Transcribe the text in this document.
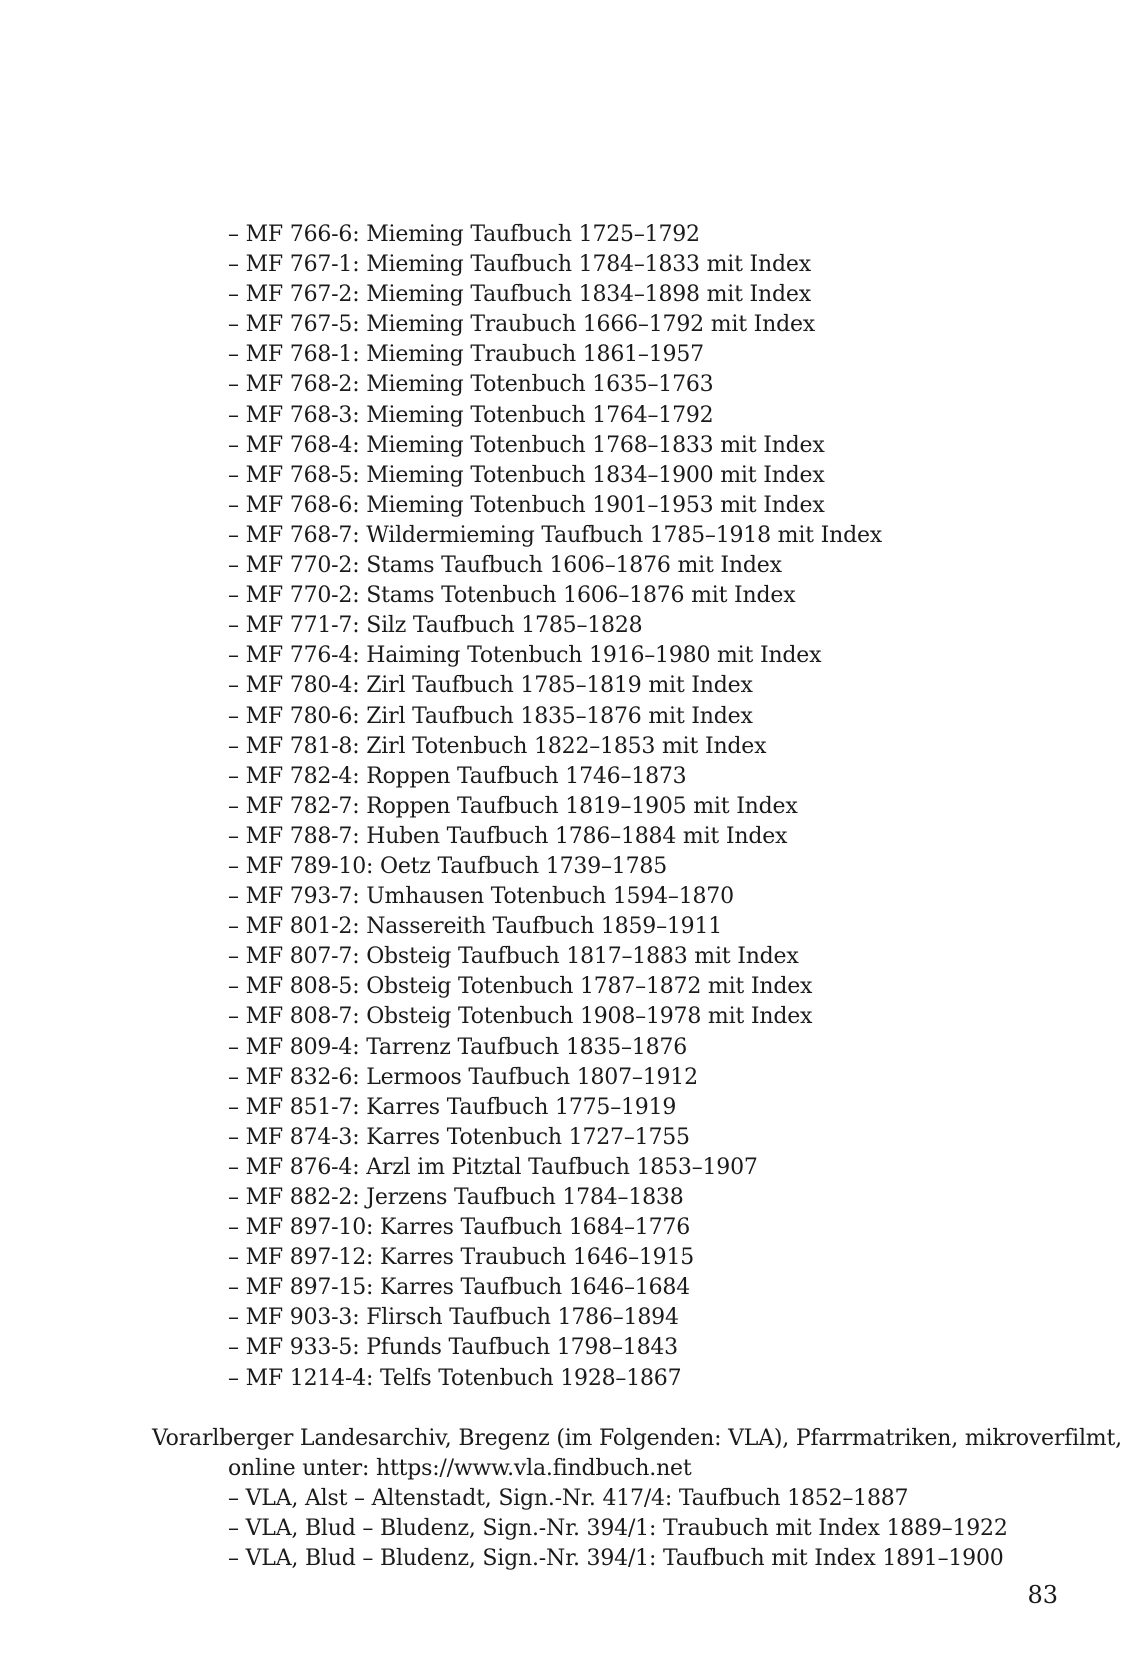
– MF 766-6: Mieming Taufbuch 1725–1792
– MF 767-1: Mieming Taufbuch 1784–1833 mit Index
– MF 767-2: Mieming Taufbuch 1834–1898 mit Index
– MF 767-5: Mieming Traubuch 1666–1792 mit Index
– MF 768-1: Mieming Traubuch 1861–1957
– MF 768-2: Mieming Totenbuch 1635–1763
– MF 768-3: Mieming Totenbuch 1764–1792
– MF 768-4: Mieming Totenbuch 1768–1833 mit Index
– MF 768-5: Mieming Totenbuch 1834–1900 mit Index
– MF 768-6: Mieming Totenbuch 1901–1953 mit Index
– MF 768-7: Wildermieming Taufbuch 1785–1918 mit Index
– MF 770-2: Stams Taufbuch 1606–1876 mit Index
– MF 770-2: Stams Totenbuch 1606–1876 mit Index
– MF 771-7: Silz Taufbuch 1785–1828
– MF 776-4: Haiming Totenbuch 1916–1980 mit Index
– MF 780-4: Zirl Taufbuch 1785–1819 mit Index
– MF 780-6: Zirl Taufbuch 1835–1876 mit Index
– MF 781-8: Zirl Totenbuch 1822–1853 mit Index
– MF 782-4: Roppen Taufbuch 1746–1873
– MF 782-7: Roppen Taufbuch 1819–1905 mit Index
– MF 788-7: Huben Taufbuch 1786–1884 mit Index
– MF 789-10: Oetz Taufbuch 1739–1785
– MF 793-7: Umhausen Totenbuch 1594–1870
– MF 801-2: Nassereith Taufbuch 1859–1911
– MF 807-7: Obsteig Taufbuch 1817–1883 mit Index
– MF 808-5: Obsteig Totenbuch 1787–1872 mit Index
– MF 808-7: Obsteig Totenbuch 1908–1978 mit Index
– MF 809-4: Tarrenz Taufbuch 1835–1876
– MF 832-6: Lermoos Taufbuch 1807–1912
– MF 851-7: Karres Taufbuch 1775–1919
– MF 874-3: Karres Totenbuch 1727–1755
– MF 876-4: Arzl im Pitztal Taufbuch 1853–1907
– MF 882-2: Jerzens Taufbuch 1784–1838
– MF 897-10: Karres Taufbuch 1684–1776
– MF 897-12: Karres Traubuch 1646–1915
– MF 897-15: Karres Taufbuch 1646–1684
– MF 903-3: Flirsch Taufbuch 1786–1894
– MF 933-5: Pfunds Taufbuch 1798–1843
– MF 1214-4: Telfs Totenbuch 1928–1867

Vorarlberger Landesarchiv, Bregenz (im Folgenden: VLA), Pfarrmatriken, mikroverfilmt,
online unter: https://www.vla.findbuch.net

– VLA, Alst – Altenstadt, Sign.-Nr. 417/4: Taufbuch 1852–1887
– VLA, Blud – Bludenz, Sign.-Nr. 394/1: Traubuch mit Index 1889–1922
– VLA, Blud – Bludenz, Sign.-Nr. 394/1: Taufbuch mit Index 1891–1900
83
